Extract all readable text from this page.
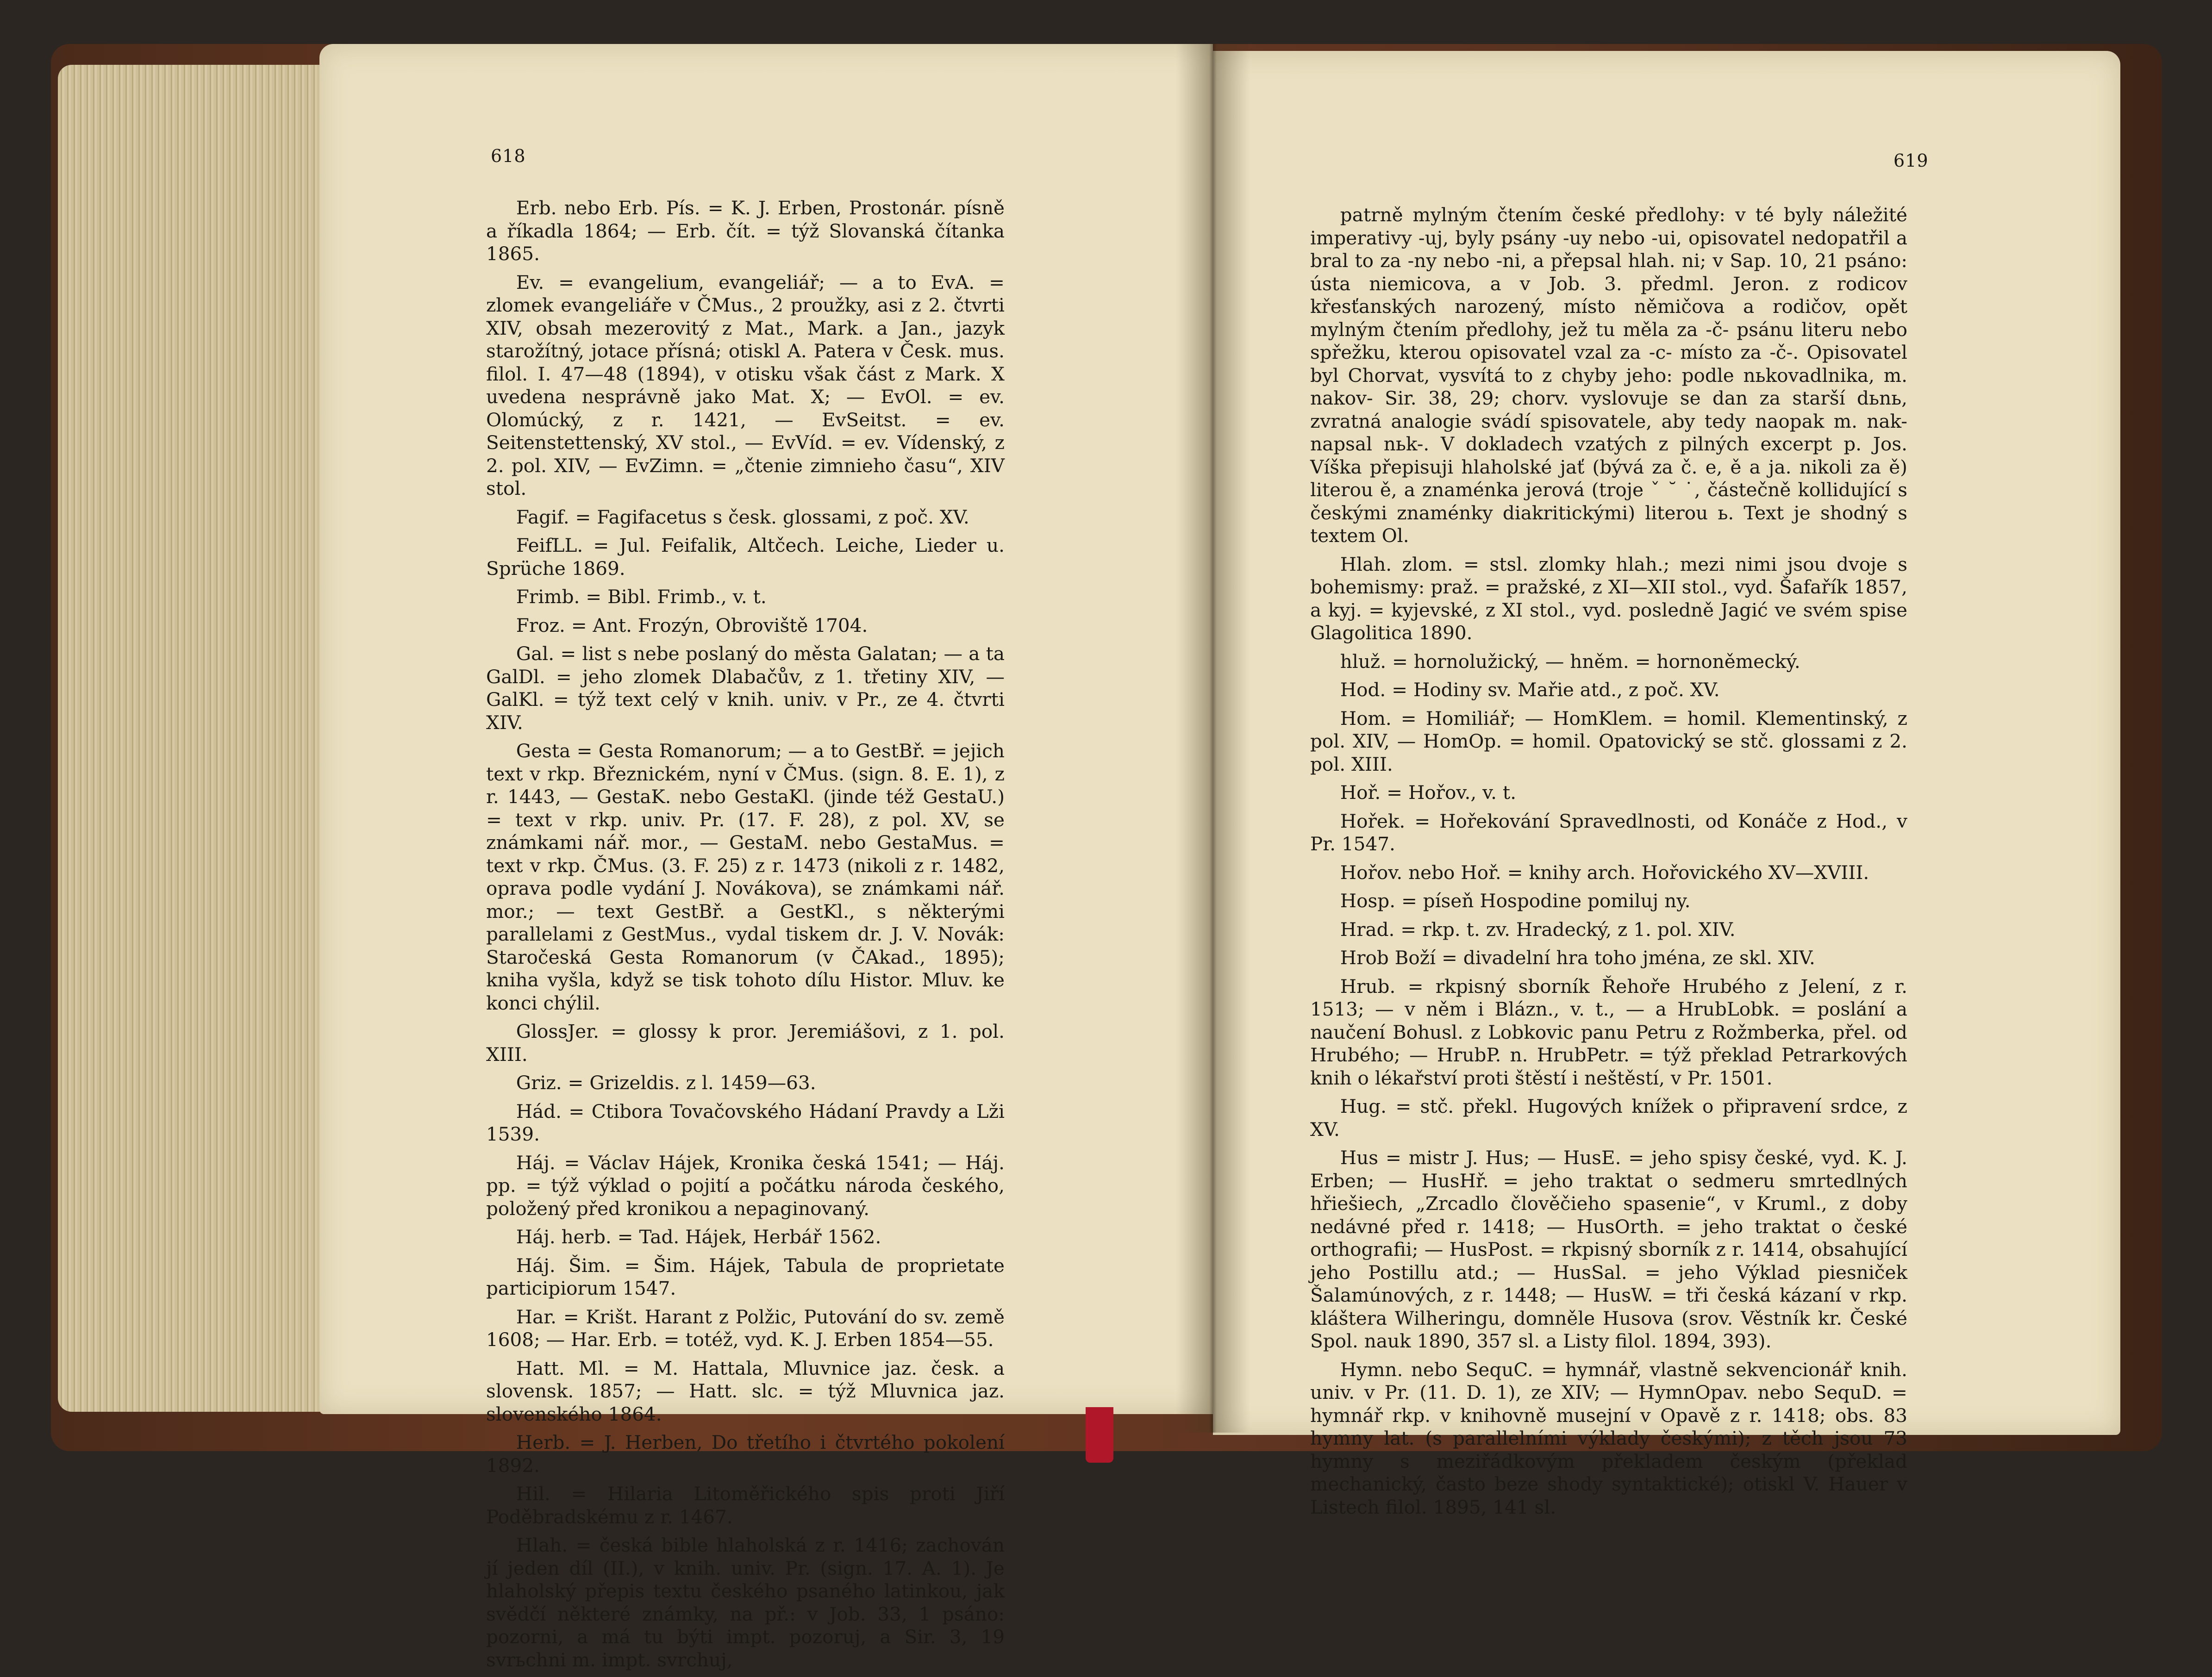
618

Erb. nebo Erb. Pís. = K. J. Erben, Prostonár. písně a říkadla 1864; — Erb. čít. = týž Slovanská čítanka 1865.

Ev. = evangelium, evangeliář; — a to EvA. = zlomek evangeliáře v ČMus., 2 proužky, asi z 2. čtvrti XIV, obsah mezerovitý z Mat., Mark. a Jan., jazyk starožítný, jotace přísná; otiskl A. Patera v Česk. mus. filol. I. 47—48 (1894), v otisku však část z Mark. X uvedena nesprávně jako Mat. X; — EvOl. = ev. Olomúcký, z r. 1421, — EvSeitst. = ev. Seitenstettenský, XV stol., — EvVíd. = ev. Vídenský, z 2. pol. XIV, — EvZimn. = „čtenie zimnieho času“, XIV stol.

Fagif. = Fagifacetus s česk. glossami, z poč. XV.

FeifLL. = Jul. Feifalik, Altčech. Leiche, Lieder u. Sprüche 1869.

Frimb. = Bibl. Frimb., v. t.

Froz. = Ant. Frozýn, Obroviště 1704.

Gal. = list s nebe poslaný do města Galatan; — a ta GalDl. = jeho zlomek Dlabačův, z 1. třetiny XIV, — GalKl. = týž text celý v knih. univ. v Pr., ze 4. čtvrti XIV.

Gesta = Gesta Romanorum; — a to GestBř. = jejich text v rkp. Březnickém, nyní v ČMus. (sign. 8. E. 1), z r. 1443, — GestaK. nebo GestaKl. (jinde též GestaU.) = text v rkp. univ. Pr. (17. F. 28), z pol. XV, se známkami nář. mor., — GestaM. nebo GestaMus. = text v rkp. ČMus. (3. F. 25) z r. 1473 (nikoli z r. 1482, oprava podle vydání J. Novákova), se známkami nář. mor.; — text GestBř. a GestKl., s některými parallelami z GestMus., vydal tiskem dr. J. V. Novák: Staročeská Gesta Romanorum (v ČAkad., 1895); kniha vyšla, když se tisk tohoto dílu Histor. Mluv. ke konci chýlil.

GlossJer. = glossy k pror. Jeremiášovi, z 1. pol. XIII.

Griz. = Grizeldis. z l. 1459—63.

Hád. = Ctibora Tovačovského Hádaní Pravdy a Lži 1539.

Háj. = Václav Hájek, Kronika česká 1541; — Háj. pp. = týž výklad o pojití a počátku národa českého, položený před kronikou a nepaginovaný.

Háj. herb. = Tad. Hájek, Herbář 1562.

Háj. Šim. = Šim. Hájek, Tabula de proprietate participiorum 1547.

Har. = Krišt. Harant z Polžic, Putování do sv. země 1608; — Har. Erb. = totéž, vyd. K. J. Erben 1854—55.

Hatt. Ml. = M. Hattala, Mluvnice jaz. česk. a slovensk. 1857; — Hatt. slc. = týž Mluvnica jaz. slovenského 1864.

Herb. = J. Herben, Do třetího i čtvrtého pokolení 1892.

Hil. = Hilaria Litoměřického spis proti Jiří Poděbradskému z r. 1467.

Hlah. = česká bible hlaholská z r. 1416; zachován jí jeden díl (II.), v knih. univ. Pr. (sign. 17. A. 1). Je hlaholský přepis textu českého psaného latinkou, jak svědčí některé známky, na př.: v Job. 33, 1 psáno: pozorni, a má tu býti impt. pozoruj, a Sir. 3, 19 svrьchni m. impt. svrchuj,

619

patrně mylným čtením české předlohy: v té byly náležité imperativy -uj, byly psány -uy nebo -ui, opisovatel nedopatřil a bral to za -ny nebo -ni, a přepsal hlah. ni; v Sap. 10, 21 psáno: ústa niemicova, a v Job. 3. předml. Jeron. z rodicov křesťanských narozený, místo němičova a rodičov, opět mylným čtením předlohy, jež tu měla za -č- psánu literu nebo spřežku, kterou opisovatel vzal za -c- místo za -č-. Opisovatel byl Chorvat, vysvítá to z chyby jeho: podle nьkovadlnika, m. nakov- Sir. 38, 29; chorv. vyslovuje se dan za starší dьnь, zvratná analogie svádí spisovatele, aby tedy naopak m. nak- napsal nьk-. V dokladech vzatých z pilných excerpt p. Jos. Víška přepisuji hlaholské jať (bývá za č. e, ě a ja. nikoli za ě) literou ě, a znaménka jerová (troje ˇ ˘ ˙, částečně kollidující s českými znaménky diakritickými) literou ь. Text je shodný s textem Ol.

Hlah. zlom. = stsl. zlomky hlah.; mezi nimi jsou dvoje s bohemismy: praž. = pražské, z XI—XII stol., vyd. Šafařík 1857, a kyj. = kyjevské, z XI stol., vyd. posledně Jagić ve svém spise Glagolitica 1890.

hluž. = hornolužický, — hněm. = hornoněmecký.

Hod. = Hodiny sv. Mařie atd., z poč. XV.

Hom. = Homiliář; — HomKlem. = homil. Klementinský, z pol. XIV, — HomOp. = homil. Opatovický se stč. glossami z 2. pol. XIII.

Hoř. = Hořov., v. t.

Hořek. = Hořekování Spravedlnosti, od Konáče z Hod., v Pr. 1547.

Hořov. nebo Hoř. = knihy arch. Hořovického XV—XVIII.

Hosp. = píseň Hospodine pomiluj ny.

Hrad. = rkp. t. zv. Hradecký, z 1. pol. XIV.

Hrob Boží = divadelní hra toho jména, ze skl. XIV.

Hrub. = rkpisný sborník Řehoře Hrubého z Jelení, z r. 1513; — v něm i Blázn., v. t., — a HrubLobk. = poslání a naučení Bohusl. z Lobkovic panu Petru z Rožmberka, přel. od Hrubého; — HrubP. n. HrubPetr. = týž překlad Petrarkových knih o lékařství proti štěstí i neštěstí, v Pr. 1501.

Hug. = stč. překl. Hugových knížek o připravení srdce, z XV.

Hus = mistr J. Hus; — HusE. = jeho spisy české, vyd. K. J. Erben; — HusHř. = jeho traktat o sedmeru smrtedlných hřiešiech, „Zrcadlo člověčieho spasenie“, v Kruml., z doby nedávné před r. 1418; — HusOrth. = jeho traktat o české orthografii; — HusPost. = rkpisný sborník z r. 1414, obsahující jeho Postillu atd.; — HusSal. = jeho Výklad piesniček Šalamúnových, z r. 1448; — HusW. = tři česká kázaní v rkp. kláštera Wilheringu, domněle Husova (srov. Věstník kr. České Spol. nauk 1890, 357 sl. a Listy filol. 1894, 393).

Hymn. nebo SequC. = hymnář, vlastně sekvencionář knih. univ. v Pr. (11. D. 1), ze XIV; — HymnOpav. nebo SequD. = hymnář rkp. v knihovně musejní v Opavě z r. 1418; obs. 83 hymny lat. (s parallelními výklady českými); z těch jsou 73 hymny s meziřádkovým překladem českým (překlad mechanický, často beze shody syntaktické); otiskl V. Hauer v Listech filol. 1895, 141 sl.
